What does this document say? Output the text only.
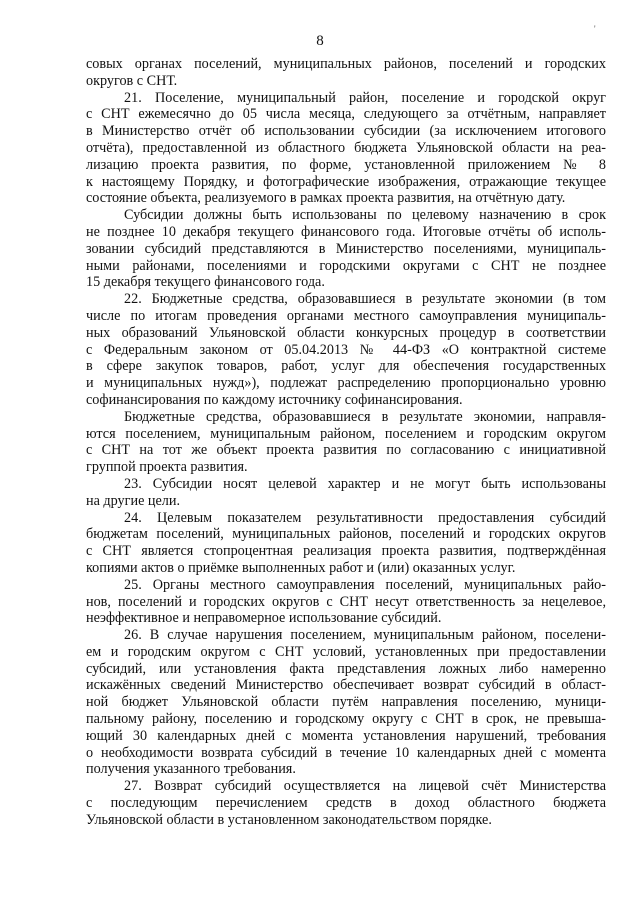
8
'
совых органах поселений, муниципальных районов, поселений и городских
округов с СНТ.
21. Поселение, муниципальный район, поселение и городской округ
с СНТ ежемесячно до 05 числа месяца, следующего за отчётным, направляет
в Министерство отчёт об использовании субсидии (за исключением итогового
отчёта), предоставленной из областного бюджета Ульяновской области на реа-
лизацию проекта развития, по форме, установленной приложением № 8
к настоящему Порядку, и фотографические изображения, отражающие текущее
состояние объекта, реализуемого в рамках проекта развития, на отчётную дату.
Субсидии должны быть использованы по целевому назначению в срок
не позднее 10 декабря текущего финансового года. Итоговые отчёты об исполь-
зовании субсидий представляются в Министерство поселениями, муниципаль-
ными районами, поселениями и городскими округами с СНТ не позднее
15 декабря текущего финансового года.
22. Бюджетные средства, образовавшиеся в результате экономии (в том
числе по итогам проведения органами местного самоуправления муниципаль-
ных образований Ульяновской области конкурсных процедур в соответствии
с Федеральным законом от 05.04.2013 № 44-ФЗ «О контрактной системе
в сфере закупок товаров, работ, услуг для обеспечения государственных
и муниципальных нужд»), подлежат распределению пропорционально уровню
софинансирования по каждому источнику софинансирования.
Бюджетные средства, образовавшиеся в результате экономии, направля-
ются поселением, муниципальным районом, поселением и городским округом
с СНТ на тот же объект проекта развития по согласованию с инициативной
группой проекта развития.
23. Субсидии носят целевой характер и не могут быть использованы
на другие цели.
24. Целевым показателем результативности предоставления субсидий
бюджетам поселений, муниципальных районов, поселений и городских округов
с СНТ является стопроцентная реализация проекта развития, подтверждённая
копиями актов о приёмке выполненных работ и (или) оказанных услуг.
25. Органы местного самоуправления поселений, муниципальных райо-
нов, поселений и городских округов с СНТ несут ответственность за нецелевое,
неэффективное и неправомерное использование субсидий.
26. В случае нарушения поселением, муниципальным районом, поселени-
ем и городским округом с СНТ условий, установленных при предоставлении
субсидий, или установления факта представления ложных либо намеренно
искажённых сведений Министерство обеспечивает возврат субсидий в област-
ной бюджет Ульяновской области путём направления поселению, муници-
пальному району, поселению и городскому округу с СНТ в срок, не превыша-
ющий 30 календарных дней с момента установления нарушений, требования
о необходимости возврата субсидий в течение 10 календарных дней с момента
получения указанного требования.
27. Возврат субсидий осуществляется на лицевой счёт Министерства
с последующим перечислением средств в доход областного бюджета
Ульяновской области в установленном законодательством порядке.
